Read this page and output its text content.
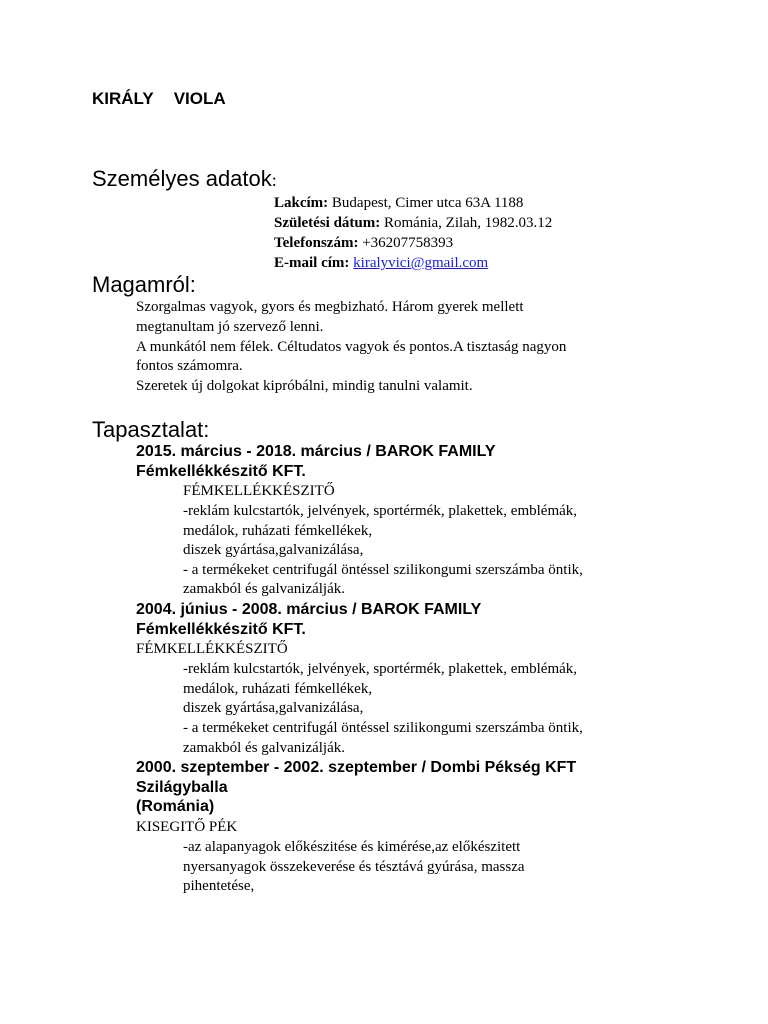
KIRÁLY VIOLA
Személyes adatok:
Lakcím: Budapest, Cimer utca 63A 1188
Születési dátum: Románia, Zilah, 1982.03.12
Telefonszám: +36207758393
E-mail cím: kiralyvici@gmail.com
Magamról:
Szorgalmas vagyok, gyors és megbizható. Három gyerek mellett
megtanultam jó szervező lenni.
A munkától nem félek. Céltudatos vagyok és pontos.A tisztaság nagyon
fontos számomra.
Szeretek új dolgokat kipróbálni, mindig tanulni valamit.
Tapasztalat:
2015. március - 2018. március / BAROK FAMILY
Fémkellékkészitő KFT.
FÉMKELLÉKKÉSZITŐ
-reklám kulcstartók, jelvények, sportérmék, plakettek, emblémák,
medálok, ruházati fémkellékek,
diszek gyártása,galvanizálása,
- a termékeket centrifugál öntéssel szilikongumi szerszámba öntik,
zamakból és galvanizálják.
2004. június - 2008. március / BAROK FAMILY
Fémkellékkészitő KFT.
FÉMKELLÉKKÉSZITŐ
-reklám kulcstartók, jelvények, sportérmék, plakettek, emblémák,
medálok, ruházati fémkellékek,
diszek gyártása,galvanizálása,
- a termékeket centrifugál öntéssel szilikongumi szerszámba öntik,
zamakból és galvanizálják.
2000. szeptember - 2002. szeptember / Dombi Pékség KFT
Szilágyballa
(Románia)
KISEGITŐ PÉK
-az alapanyagok előkészitése és kimérése,az előkészitett
nyersanyagok összekeverése és tésztává gyúrása, massza
pihentetése,
